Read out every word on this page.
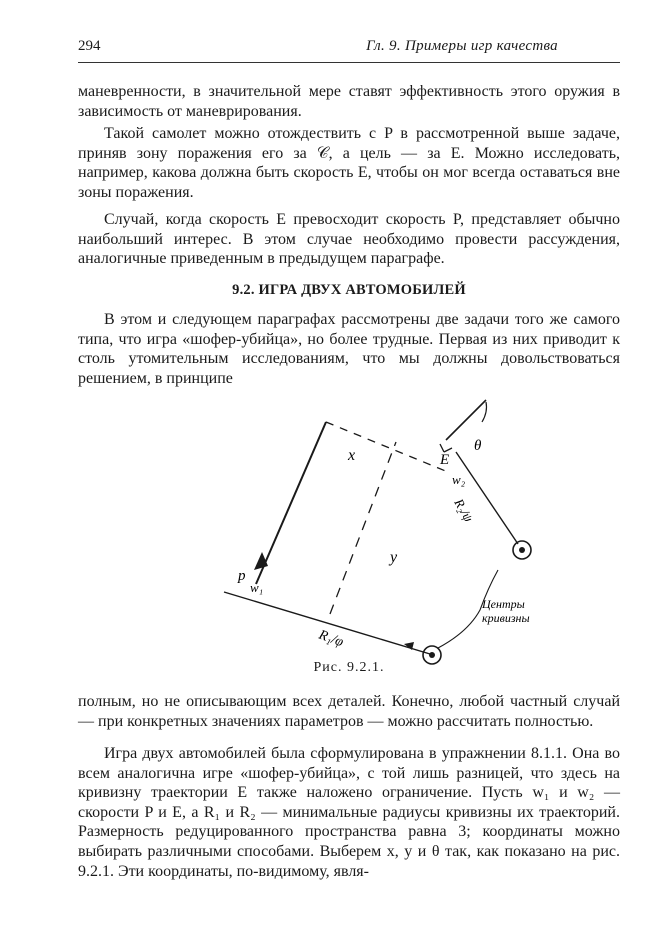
294	Гл. 9. Примеры игр качества

маневренности, в значительной мере ставят эффективность этого оружия в зависимость от маневрирования.

Такой самолет можно отождествить с P в рассмотренной выше задаче, приняв зону поражения его за 𝒞, а цель — за E. Можно исследовать, например, какова должна быть скорость E, чтобы он мог всегда оставаться вне зоны поражения.

Случай, когда скорость E превосходит скорость P, представляет обычно наибольший интерес. В этом случае необходимо провести рассуждения, аналогичные приведенным в предыдущем параграфе.

9.2. ИГРА ДВУХ АВТОМОБИЛЕЙ

В этом и следующем параграфах рассмотрены две задачи того же самого типа, что игра «шофер-убийца», но более трудные. Первая из них приводит к столь утомительным исследованиям, что мы должны довольствоваться решением, в принципе

x
y
E
θ
w₂
p
w₁
R₁/φ
R₂/ψ
Центры
кривизны

Рис. 9.2.1.

полным, но не описывающим всех деталей. Конечно, любой частный случай — при конкретных значениях параметров — можно рассчитать полностью.

Игра двух автомобилей была сформулирована в упражнении 8.1.1. Она во всем аналогична игре «шофер-убийца», с той лишь разницей, что здесь на кривизну траектории E также наложено ограничение. Пусть w₁ и w₂ — скорости P и E, а R₁ и R₂ — минимальные радиусы кривизны их траекторий. Размерность редуцированного пространства равна 3; координаты можно выбирать различными способами. Выберем x, y и θ так, как показано на рис. 9.2.1. Эти координаты, по-видимому, явля-
